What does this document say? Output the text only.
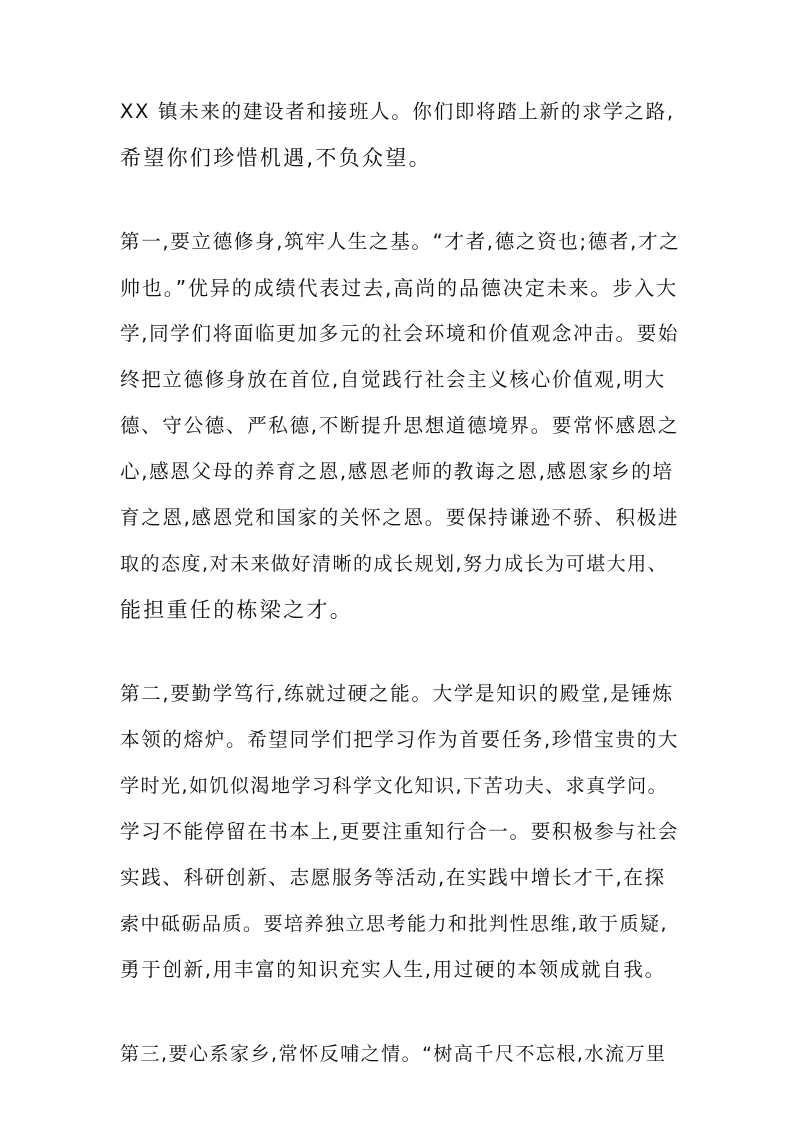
XX 镇未来的建设者和接班人。你们即将踏上新的求学之路,

希望你们珍惜机遇,不负众望。

第一,要立德修身,筑牢人生之基。“才者,德之资也;德者,才之

帅也。”优异的成绩代表过去,高尚的品德决定未来。步入大

学,同学们将面临更加多元的社会环境和价值观念冲击。要始

终把立德修身放在首位,自觉践行社会主义核心价值观,明大

德、守公德、严私德,不断提升思想道德境界。要常怀感恩之

心,感恩父母的养育之恩,感恩老师的教诲之恩,感恩家乡的培

育之恩,感恩党和国家的关怀之恩。要保持谦逊不骄、积极进

取的态度,对未来做好清晰的成长规划,努力成长为可堪大用、

能担重任的栋梁之才。

第二,要勤学笃行,练就过硬之能。大学是知识的殿堂,是锤炼

本领的熔炉。希望同学们把学习作为首要任务,珍惜宝贵的大

学时光,如饥似渴地学习科学文化知识,下苦功夫、求真学问。

学习不能停留在书本上,更要注重知行合一。要积极参与社会

实践、科研创新、志愿服务等活动,在实践中增长才干,在探

索中砥砺品质。要培养独立思考能力和批判性思维,敢于质疑,

勇于创新,用丰富的知识充实人生,用过硬的本领成就自我。

第三,要心系家乡,常怀反哺之情。“树高千尺不忘根,水流万里
